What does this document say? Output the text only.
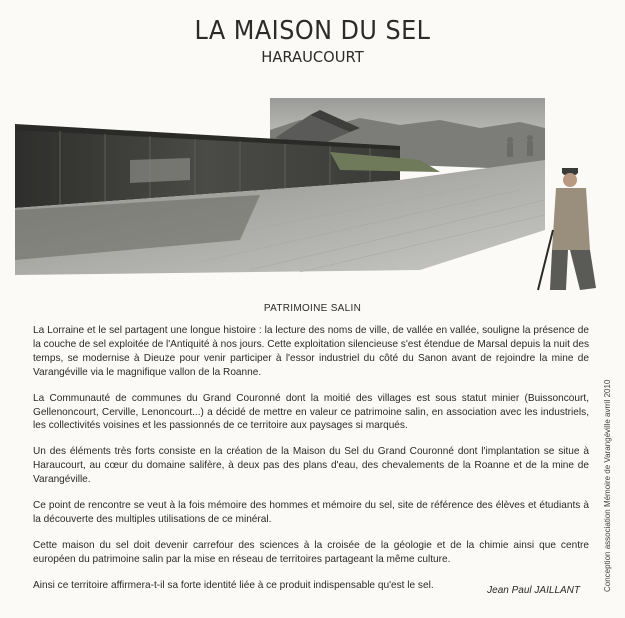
LA MAISON DU SEL
HARAUCOURT
PATRIMOINE SALIN

La Lorraine et le sel partagent une longue histoire : la lecture des noms de ville, de vallée en vallée, souligne la présence de la couche de sel exploitée de l'Antiquité à nos jours. Cette exploitation silencieuse s'est étendue de Marsal depuis la nuit des temps, se modernise à Dieuze pour venir participer à l'essor industriel du côté du Sanon avant de rejoindre la mine de Varangéville via le magnifique vallon de la Roanne.

La Communauté de communes du Grand Couronné dont la moitié des villages est sous statut minier (Buissoncourt, Gellenoncourt, Cerville, Lenoncourt...) a décidé de mettre en valeur ce patrimoine salin, en association avec les industriels, les collectivités voisines et les passionnés de ce territoire aux paysages si marqués.

Un des éléments très forts consiste en la création de la Maison du Sel du Grand Couronné dont l'implantation se situe à Haraucourt, au cœur du domaine salifère, à deux pas des plans d'eau, des chevalements de la Roanne et de la mine de Varangéville.

Ce point de rencontre se veut à la fois mémoire des hommes et mémoire du sel, site de référence des élèves et étudiants à la découverte des multiples utilisations de ce minéral.

Cette maison du sel doit devenir carrefour des sciences à la croisée de la géologie et de la chimie ainsi que centre européen du patrimoine salin par la mise en réseau de territoires partageant la même culture.

Ainsi ce territoire affirmera-t-il sa forte identité liée à ce produit indispensable qu'est le sel.	Jean Paul JAILLANT	Conception association Mémoire de Varangéville avrril 2010
